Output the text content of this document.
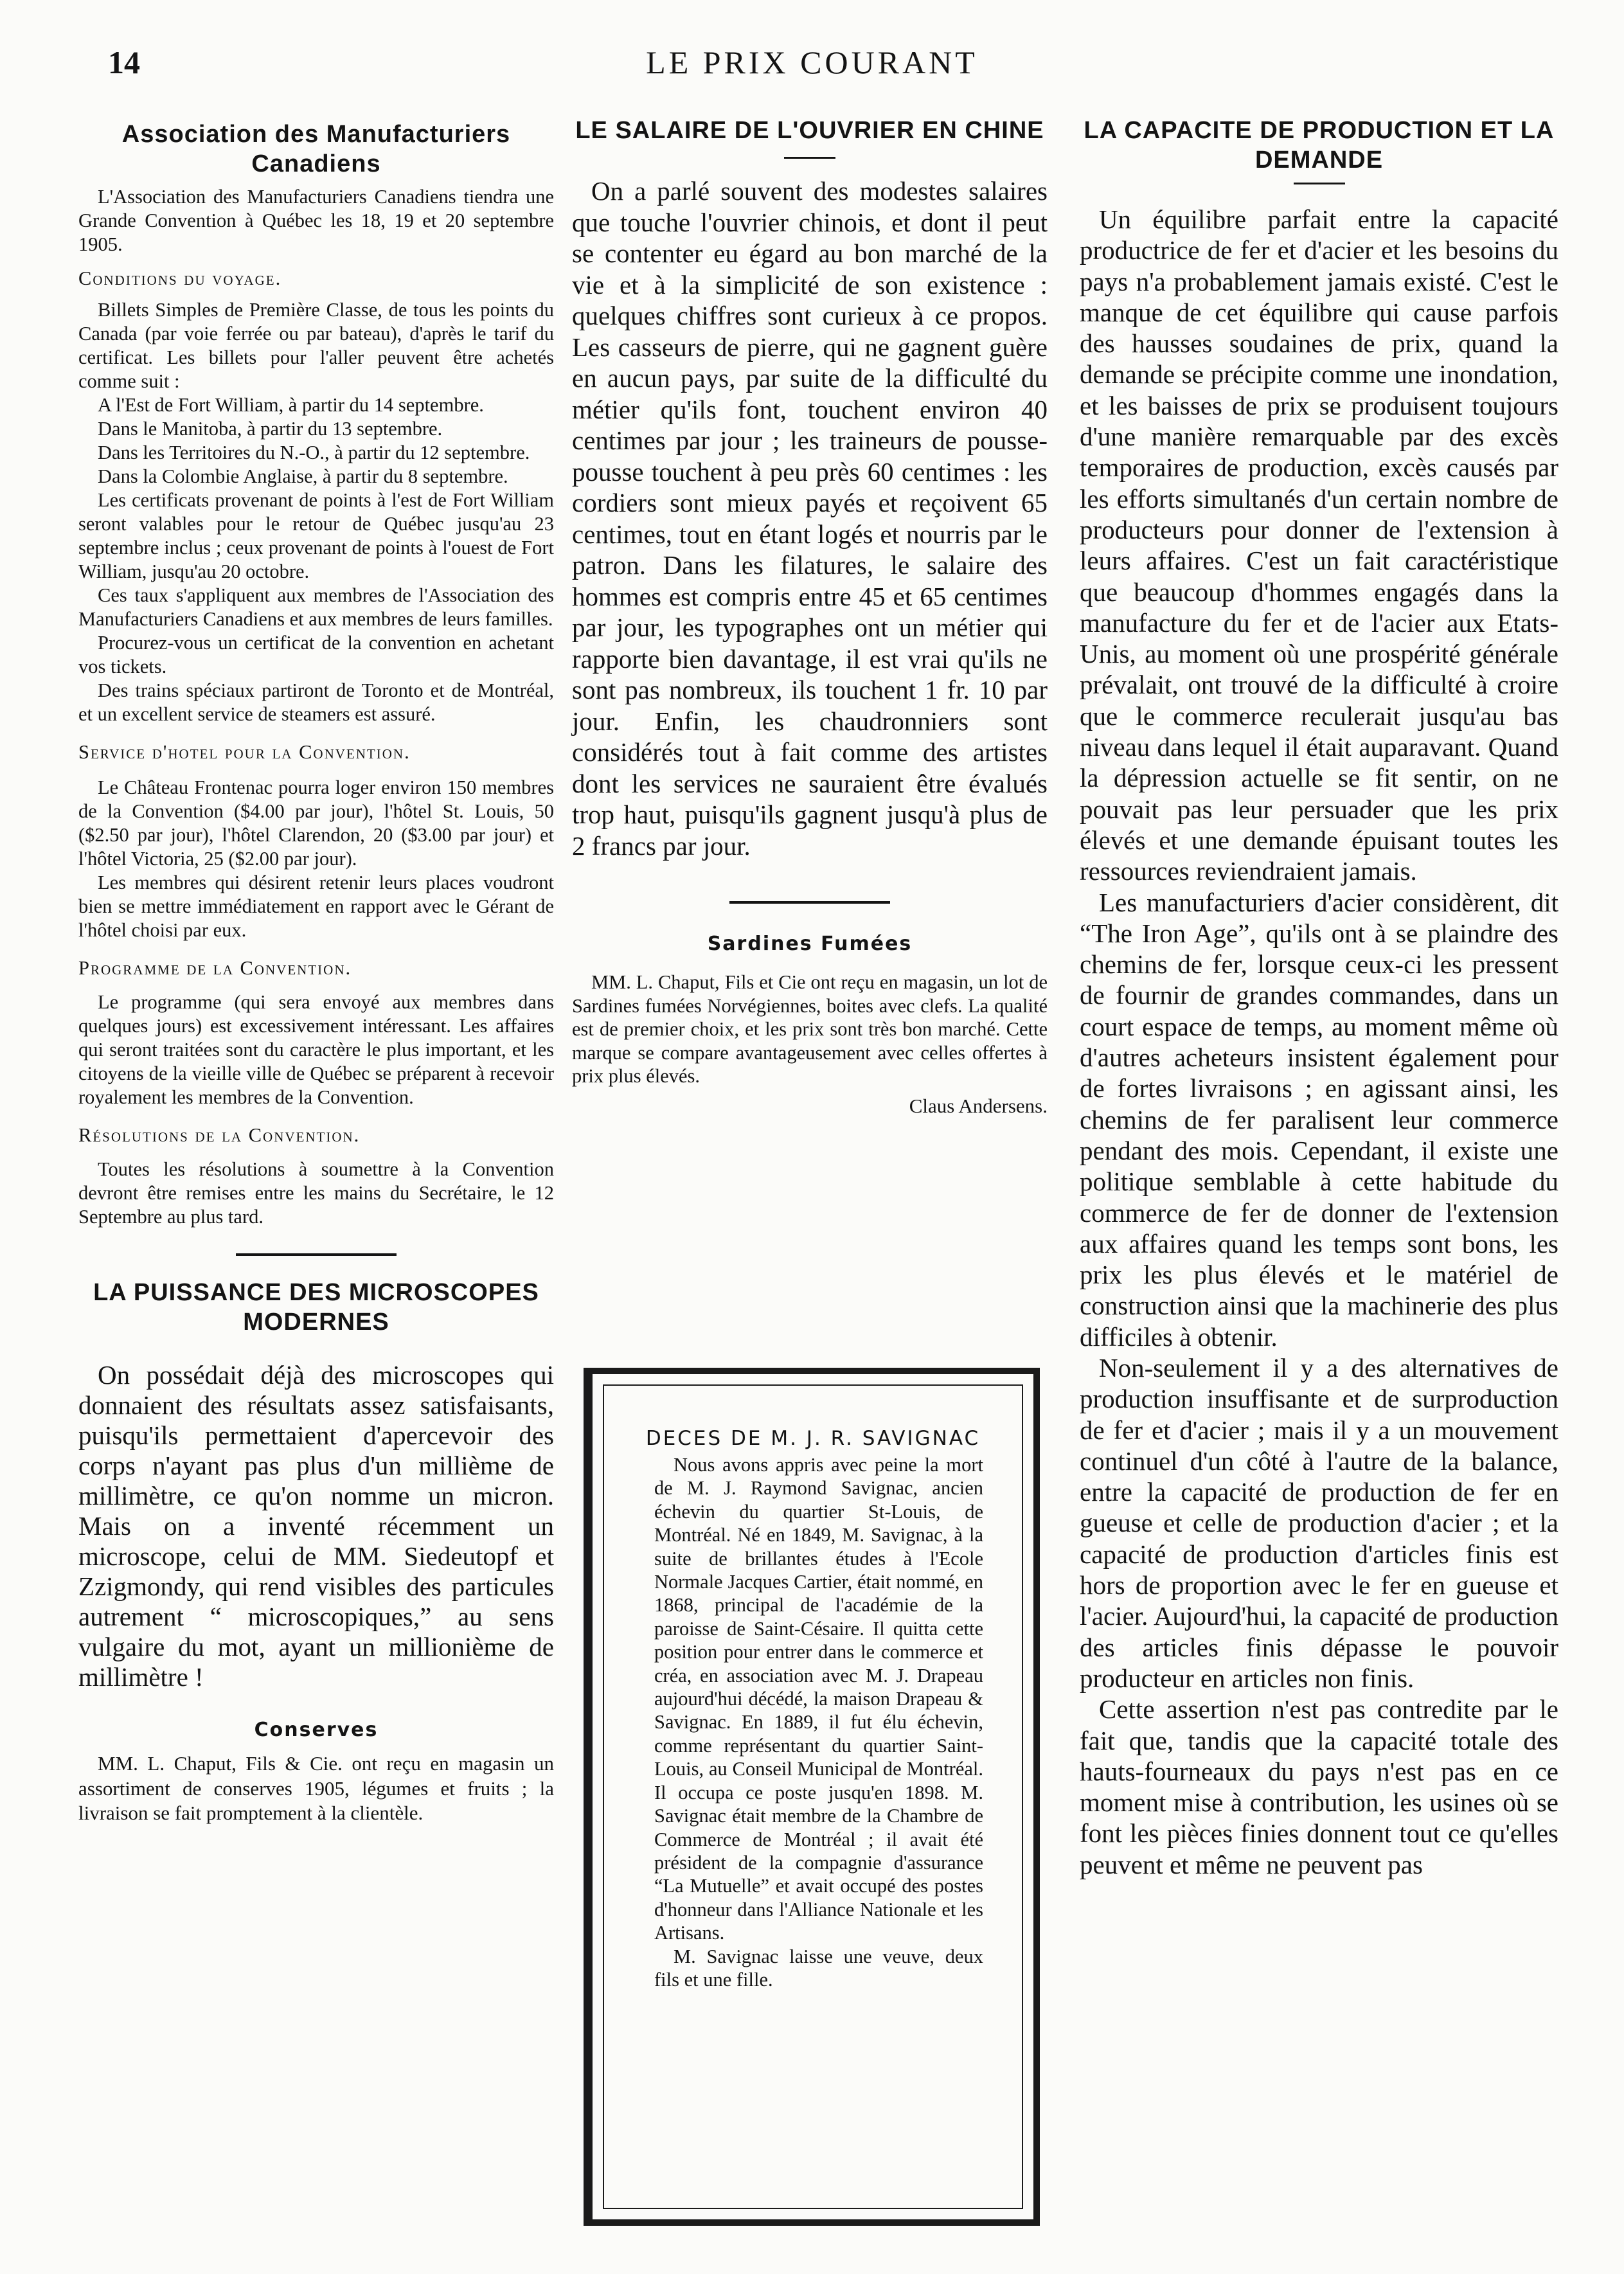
14	LE PRIX COURANT
Association des Manufacturiers Canadiens

L'Association des Manufacturiers Canadiens tiendra une Grande Convention à Québec les 18, 19 et 20 septembre 1905.

Conditions du voyage.

Billets Simples de Première Classe, de tous les points du Canada (par voie ferrée ou par bateau), d'après le tarif du certificat. Les billets pour l'aller peuvent être achetés comme suit :

A l'Est de Fort William, à partir du 14 septembre.

Dans le Manitoba, à partir du 13 septembre.

Dans les Territoires du N.-O., à partir du 12 septembre.

Dans la Colombie Anglaise, à partir du 8 septembre.

Les certificats provenant de points à l'est de Fort William seront valables pour le retour de Québec jusqu'au 23 septembre inclus ; ceux provenant de points à l'ouest de Fort William, jusqu'au 20 octobre.

Ces taux s'appliquent aux membres de l'Association des Manufacturiers Canadiens et aux membres de leurs familles.

Procurez-vous un certificat de la convention en achetant vos tickets.

Des trains spéciaux partiront de Toronto et de Montréal, et un excellent service de steamers est assuré.

Service d'hotel pour la Convention.

Le Château Frontenac pourra loger environ 150 membres de la Convention ($4.00 par jour), l'hôtel St. Louis, 50 ($2.50 par jour), l'hôtel Clarendon, 20 ($3.00 par jour) et l'hôtel Victoria, 25 ($2.00 par jour).

Les membres qui désirent retenir leurs places voudront bien se mettre immédiatement en rapport avec le Gérant de l'hôtel choisi par eux.

Programme de la Convention.

Le programme (qui sera envoyé aux membres dans quelques jours) est excessivement intéressant. Les affaires qui seront traitées sont du caractère le plus important, et les citoyens de la vieille ville de Québec se préparent à recevoir royalement les membres de la Convention.

Résolutions de la Convention.

Toutes les résolutions à soumettre à la Convention devront être remises entre les mains du Secrétaire, le 12 Septembre au plus tard.

LA PUISSANCE DES MICROSCOPES MODERNES

On possédait déjà des microscopes qui donnaient des résultats assez satisfaisants, puisqu'ils permettaient d'apercevoir des corps n'ayant pas plus d'un millième de millimètre, ce qu'on nomme un micron. Mais on a inventé récemment un microscope, celui de MM. Siedeutopf et Zzigmondy, qui rend visibles des particules autrement “ microscopiques,” au sens vulgaire du mot, ayant un millionième de millimètre !

Conserves

MM. L. Chaput, Fils & Cie. ont reçu en magasin un assortiment de conserves 1905, légumes et fruits ; la livraison se fait promptement à la clientèle.

LE SALAIRE DE L'OUVRIER EN CHINE

On a parlé souvent des modestes salaires que touche l'ouvrier chinois, et dont il peut se contenter eu égard au bon marché de la vie et à la simplicité de son existence : quelques chiffres sont curieux à ce propos. Les casseurs de pierre, qui ne gagnent guère en aucun pays, par suite de la difficulté du métier qu'ils font, touchent environ 40 centimes par jour ; les traineurs de pousse-pousse touchent à peu près 60 centimes : les cordiers sont mieux payés et reçoivent 65 centimes, tout en étant logés et nourris par le patron. Dans les filatures, le salaire des hommes est compris entre 45 et 65 centimes par jour, les typographes ont un métier qui rapporte bien davantage, il est vrai qu'ils ne sont pas nombreux, ils touchent 1 fr. 10 par jour. Enfin, les chaudronniers sont considérés tout à fait comme des artistes dont les services ne sauraient être évalués trop haut, puisqu'ils gagnent jusqu'à plus de 2 francs par jour.

Sardines Fumées

MM. L. Chaput, Fils et Cie ont reçu en magasin, un lot de Sardines fumées Norvégiennes, boites avec clefs. La qualité est de premier choix, et les prix sont très bon marché. Cette marque se compare avantageusement avec celles offertes à prix plus élevés.

Claus Andersens.

DECES DE M. J. R. SAVIGNAC

Nous avons appris avec peine la mort de M. J. Raymond Savignac, ancien échevin du quartier St-Louis, de Montréal. Né en 1849, M. Savignac, à la suite de brillantes études à l'Ecole Normale Jacques Cartier, était nommé, en 1868, principal de l'académie de la paroisse de Saint-Césaire. Il quitta cette position pour entrer dans le commerce et créa, en association avec M. J. Drapeau aujourd'hui décédé, la maison Drapeau & Savignac. En 1889, il fut élu échevin, comme représentant du quartier Saint-Louis, au Conseil Municipal de Montréal. Il occupa ce poste jusqu'en 1898. M. Savignac était membre de la Chambre de Commerce de Montréal ; il avait été président de la compagnie d'assurance “La Mutuelle” et avait occupé des postes d'honneur dans l'Alliance Nationale et les Artisans.

M. Savignac laisse une veuve, deux fils et une fille.

LA CAPACITE DE PRODUCTION ET LA DEMANDE

Un équilibre parfait entre la capacité productrice de fer et d'acier et les besoins du pays n'a probablement jamais existé. C'est le manque de cet équilibre qui cause parfois des hausses soudaines de prix, quand la demande se précipite comme une inondation, et les baisses de prix se produisent toujours d'une manière remarquable par des excès temporaires de production, excès causés par les efforts simultanés d'un certain nombre de producteurs pour donner de l'extension à leurs affaires. C'est un fait caractéristique que beaucoup d'hommes engagés dans la manufacture du fer et de l'acier aux Etats-Unis, au moment où une prospérité générale prévalait, ont trouvé de la difficulté à croire que le commerce reculerait jusqu'au bas niveau dans lequel il était auparavant. Quand la dépression actuelle se fit sentir, on ne pouvait pas leur persuader que les prix élevés et une demande épuisant toutes les ressources reviendraient jamais.

Les manufacturiers d'acier considèrent, dit “The Iron Age”, qu'ils ont à se plaindre des chemins de fer, lorsque ceux-ci les pressent de fournir de grandes commandes, dans un court espace de temps, au moment même où d'autres acheteurs insistent également pour de fortes livraisons ; en agissant ainsi, les chemins de fer paralisent leur commerce pendant des mois. Cependant, il existe une politique semblable à cette habitude du commerce de fer de donner de l'extension aux affaires quand les temps sont bons, les prix les plus élevés et le matériel de construction ainsi que la machinerie des plus difficiles à obtenir.

Non-seulement il y a des alternatives de production insuffisante et de surproduction de fer et d'acier ; mais il y a un mouvement continuel d'un côté à l'autre de la balance, entre la capacité de production de fer en gueuse et celle de production d'acier ; et la capacité de production d'articles finis est hors de proportion avec le fer en gueuse et l'acier. Aujourd'hui, la capacité de production des articles finis dépasse le pouvoir producteur en articles non finis.

Cette assertion n'est pas contredite par le fait que, tandis que la capacité totale des hauts-fourneaux du pays n'est pas en ce moment mise à contribution, les usines où se font les pièces finies donnent tout ce qu'elles peuvent et même ne peuvent pas
